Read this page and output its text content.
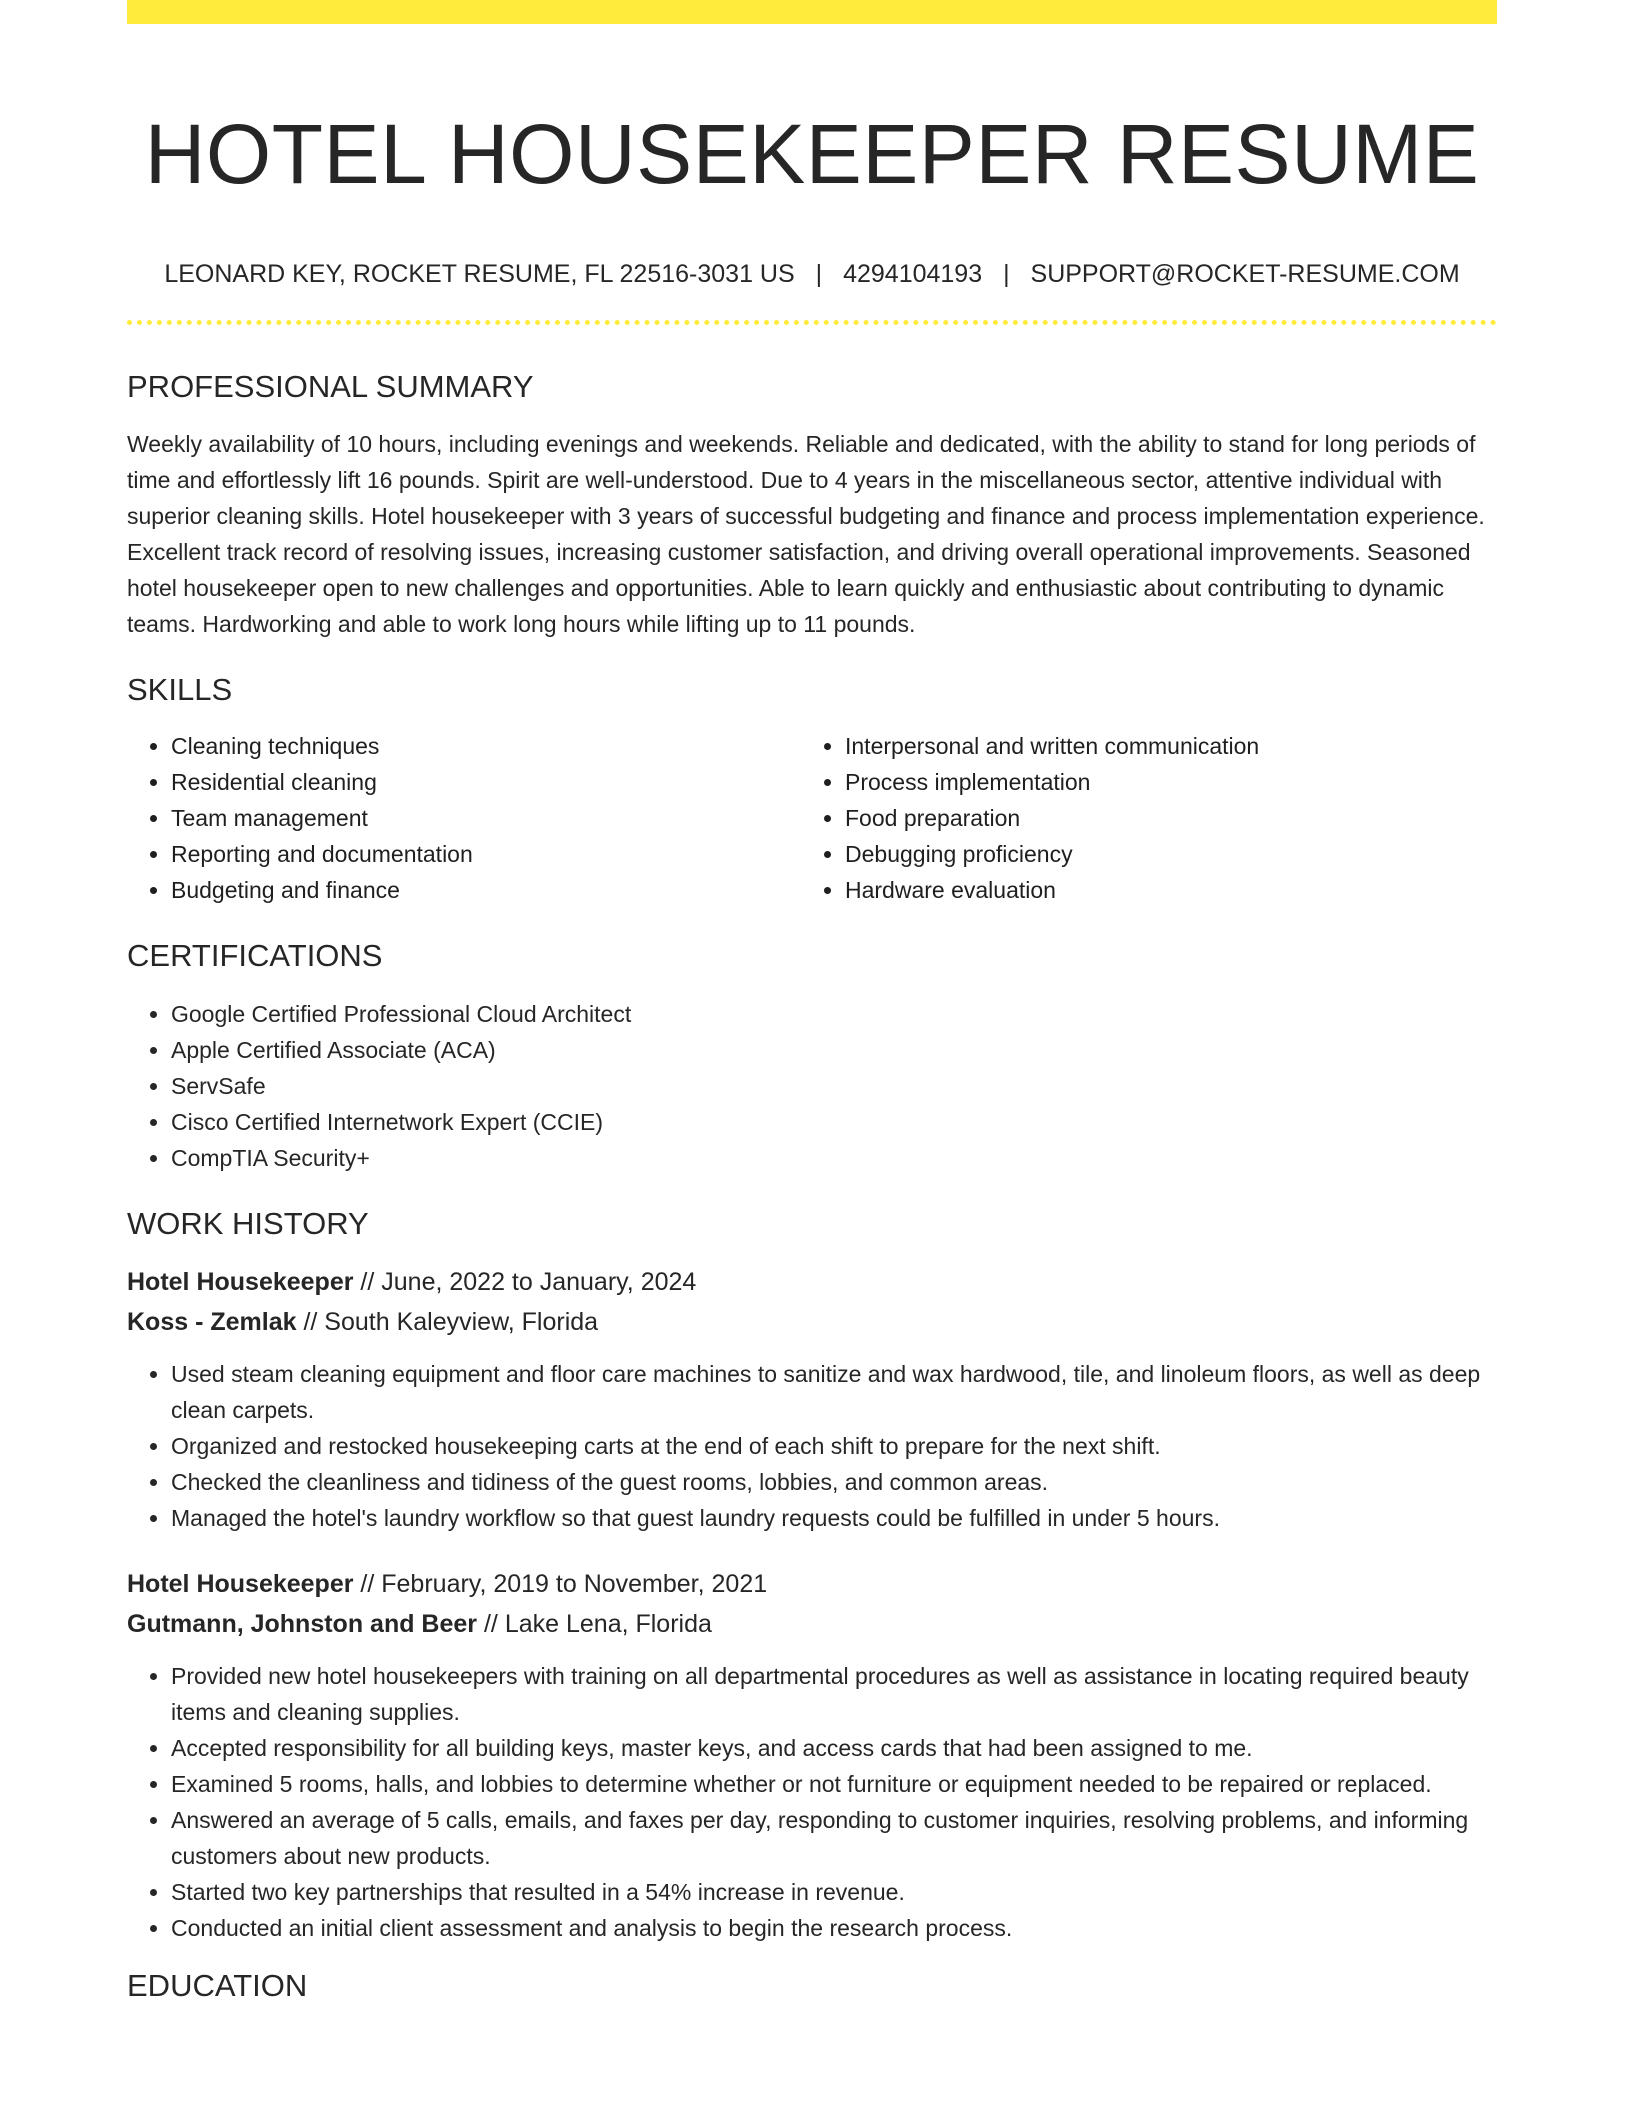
HOTEL HOUSEKEEPER RESUME
LEONARD KEY, ROCKET RESUME, FL 22516-3031 US | 4294104193 | SUPPORT@ROCKET-RESUME.COM
PROFESSIONAL SUMMARY

Weekly availability of 10 hours, including evenings and weekends. Reliable and dedicated, with the ability to stand for long periods of time and effortlessly lift 16 pounds. Spirit are well-understood. Due to 4 years in the miscellaneous sector, attentive individual with superior cleaning skills. Hotel housekeeper with 3 years of successful budgeting and finance and process implementation experience. Excellent track record of resolving issues, increasing customer satisfaction, and driving overall operational improvements. Seasoned hotel housekeeper open to new challenges and opportunities. Able to learn quickly and enthusiastic about contributing to dynamic teams. Hardworking and able to work long hours while lifting up to 11 pounds.

SKILLS
• Cleaning techniques
• Residential cleaning
• Team management
• Reporting and documentation
• Budgeting and finance
• Interpersonal and written communication
• Process implementation
• Food preparation
• Debugging proficiency
• Hardware evaluation
CERTIFICATIONS
• Google Certified Professional Cloud Architect
• Apple Certified Associate (ACA)
• ServSafe
• Cisco Certified Internetwork Expert (CCIE)
• CompTIA Security+
WORK HISTORY
Hotel Housekeeper // June, 2022 to January, 2024
Koss - Zemlak // South Kaleyview, Florida
• Used steam cleaning equipment and floor care machines to sanitize and wax hardwood, tile, and linoleum floors, as well as deep clean carpets.
• Organized and restocked housekeeping carts at the end of each shift to prepare for the next shift.
• Checked the cleanliness and tidiness of the guest rooms, lobbies, and common areas.
• Managed the hotel's laundry workflow so that guest laundry requests could be fulfilled in under 5 hours.
Hotel Housekeeper // February, 2019 to November, 2021
Gutmann, Johnston and Beer // Lake Lena, Florida
• Provided new hotel housekeepers with training on all departmental procedures as well as assistance in locating required beauty items and cleaning supplies.
• Accepted responsibility for all building keys, master keys, and access cards that had been assigned to me.
• Examined 5 rooms, halls, and lobbies to determine whether or not furniture or equipment needed to be repaired or replaced.
• Answered an average of 5 calls, emails, and faxes per day, responding to customer inquiries, resolving problems, and informing customers about new products.
• Started two key partnerships that resulted in a 54% increase in revenue.
• Conducted an initial client assessment and analysis to begin the research process.
EDUCATION
